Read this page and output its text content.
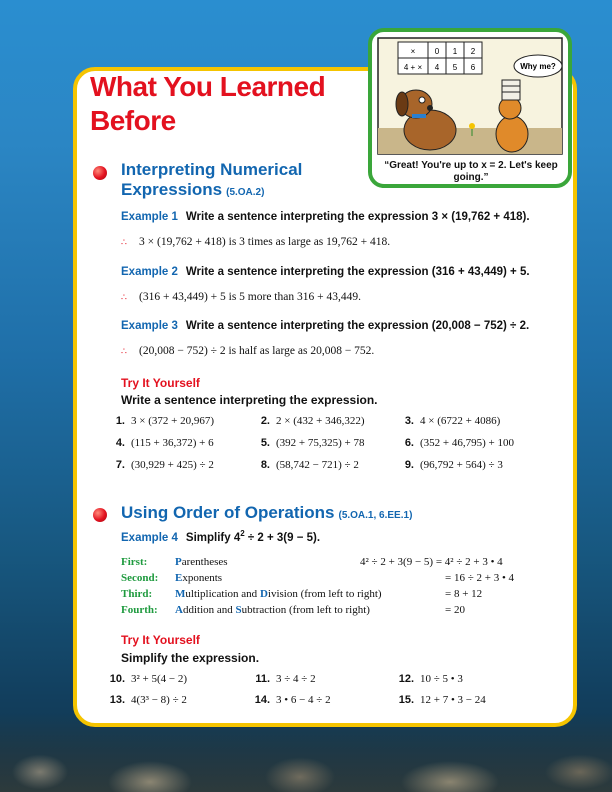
What You Learned Before
× 0 1 2
4 + × 4 5 6	Why me?
“Great! You're up to x = 2. Let's keep going.”
Interpreting Numerical Expressions (5.OA.2)
Example 1 Write a sentence interpreting the expression 3 × (19,762 + 418).
∴ 3 × (19,762 + 418) is 3 times as large as 19,762 + 418.
Example 2 Write a sentence interpreting the expression (316 + 43,449) + 5.
∴ (316 + 43,449) + 5 is 5 more than 316 + 43,449.
Example 3 Write a sentence interpreting the expression (20,008 − 752) ÷ 2.
∴ (20,008 − 752) ÷ 2 is half as large as 20,008 − 752.
Try It Yourself
Write a sentence interpreting the expression.
1. 3 × (372 + 20,967)	2. 2 × (432 + 346,322)	3. 4 × (6722 + 4086)
4. (115 + 36,372) + 6	5. (392 + 75,325) + 78	6. (352 + 46,795) + 100
7. (30,929 + 425) ÷ 2	8. (58,742 − 721) ÷ 2	9. (96,792 + 564) ÷ 3
Using Order of Operations (5.OA.1, 6.EE.1)
Example 4 Simplify $4^2 \div 2 + 3(9 - 5)$.
First:	Parentheses	4² ÷ 2 + 3(9 − 5) = 4² ÷ 2 + 3 • 4
Second: Exponents	= 16 ÷ 2 + 3 • 4
Third: Multiplication and Division (from left to right)	= 8 + 12
Fourth: Addition and Subtraction (from left to right)	= 20
Try It Yourself
Simplify the expression.
10. 3² + 5(4 − 2)	11. 3 ÷ 4 ÷ 2	12. 10 ÷ 5 • 3
13. 4(3³ − 8) ÷ 2	14. 3 • 6 − 4 ÷ 2	15. 12 + 7 • 3 − 24
